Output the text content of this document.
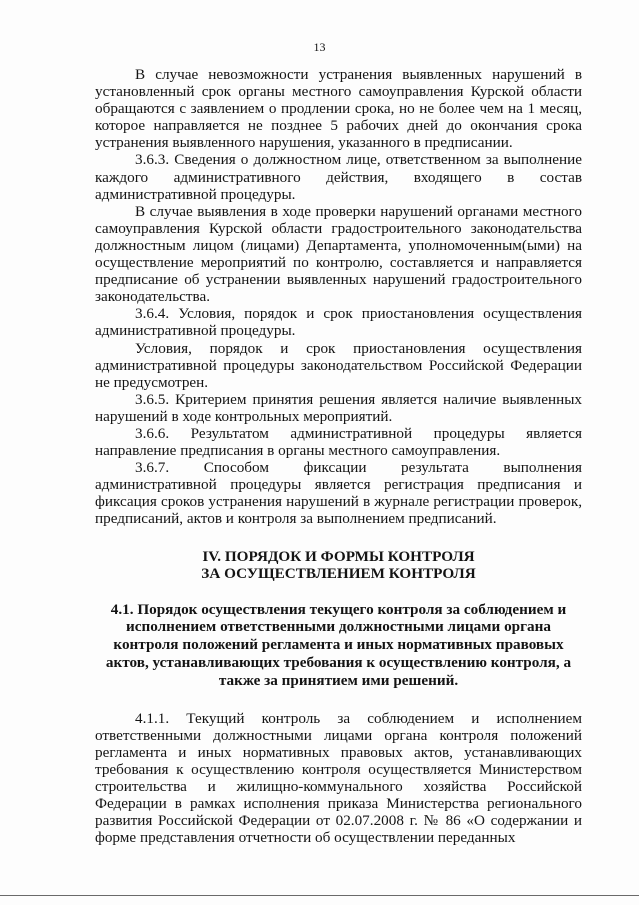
13

В случае невозможности устранения выявленных нарушений в установленный срок органы местного самоуправления Курской области обращаются с заявлением о продлении срока, но не более чем на 1 месяц, которое направляется не позднее 5 рабочих дней до окончания срока устранения выявленного нарушения, указанного в предписании.

3.6.3. Сведения о должностном лице, ответственном за выполнение каждого административного действия, входящего в состав административной процедуры.

В случае выявления в ходе проверки нарушений органами местного самоуправления Курской области градостроительного законодательства должностным лицом (лицами) Департамента, уполномоченным(ыми) на осуществление мероприятий по контролю, составляется и направляется предписание об устранении выявленных нарушений градостроительного законодательства.

3.6.4. Условия, порядок и срок приостановления осуществления административной процедуры.

Условия, порядок и срок приостановления осуществления административной процедуры законодательством Российской Федерации не предусмотрен.

3.6.5. Критерием принятия решения является наличие выявленных нарушений в ходе контрольных мероприятий.

3.6.6. Результатом административной процедуры является направление предписания в органы местного самоуправления.

3.6.7. Способом фиксации результата выполнения административной процедуры является регистрация предписания и фиксация сроков устранения нарушений в журнале регистрации проверок, предписаний, актов и контроля за выполнением предписаний.

IV. ПОРЯДОК И ФОРМЫ КОНТРОЛЯ
ЗА ОСУЩЕСТВЛЕНИЕМ КОНТРОЛЯ
4.1. Порядок осуществления текущего контроля за соблюдением и исполнением ответственными должностными лицами органа контроля положений регламента и иных нормативных правовых актов, устанавливающих требования к осуществлению контроля, а также за принятием ими решений.

4.1.1. Текущий контроль за соблюдением и исполнением ответственными должностными лицами органа контроля положений регламента и иных нормативных правовых актов, устанавливающих требования к осуществлению контроля осуществляется Министерством строительства и жилищно-коммунального хозяйства Российской Федерации в рамках исполнения приказа Министерства регионального развития Российской Федерации от 02.07.2008 г. № 86 «О содержании и форме представления отчетности об осуществлении переданных
